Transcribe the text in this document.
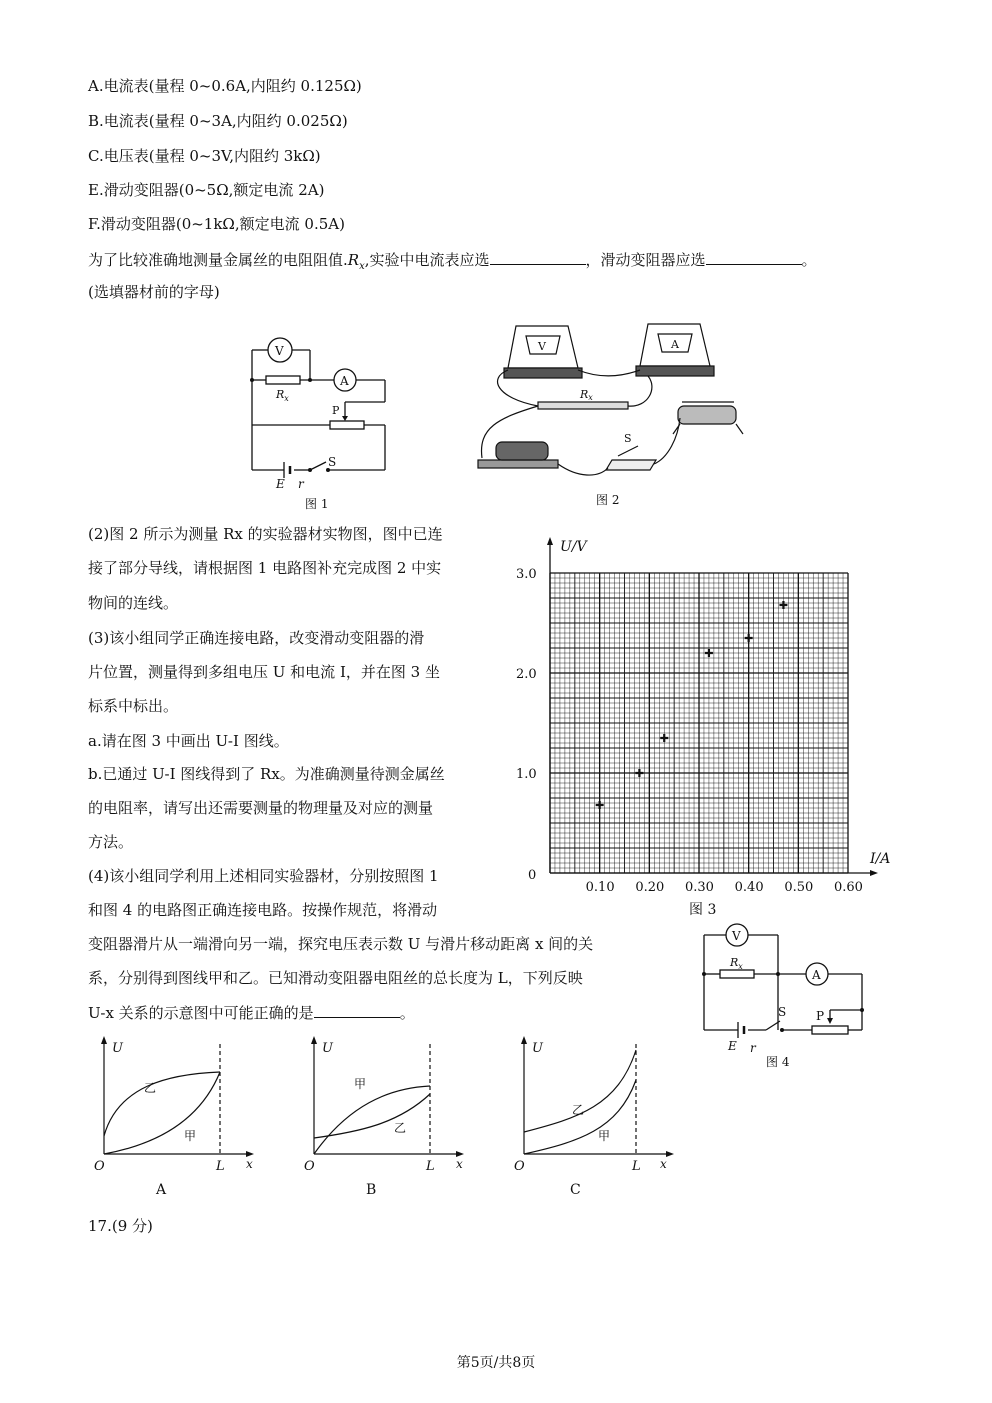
A.电流表(量程 0~0.6A,内阻约 0.125Ω)
B.电流表(量程 0~3A,内阻约 0.025Ω)
C.电压表(量程 0~3V,内阻约 3kΩ)
E.滑动变阻器(0~5Ω,额定电流 2A)
F.滑动变阻器(0~1kΩ,额定电流 0.5A)
为了比较准确地测量金属丝的电阻阻值$.R_x$,实验中电流表应选	，滑动变阻器应选	。
(选填器材前的字母)
V
A
$R_x$
P
E r
S
图 1
V	A
Rx
S
图 2
(2)图 2 所示为测量 Rx 的实验器材实物图，图中已连
接了部分导线，请根据图 1 电路图补充完成图 2 中实
物间的连线。
(3)该小组同学正确连接电路，改变滑动变阻器的滑
片位置，测量得到多组电压 U 和电流 I，并在图 3 坐
标系中标出。
a.请在图 3 中画出 U-I 图线。
b.已通过 U-I 图线得到了 Rx。为准确测量待测金属丝
的电阻率，请写出还需要测量的物理量及对应的测量
方法。
(4)该小组同学利用上述相同实验器材，分别按照图 1
和图 4 的电路图正确连接电路。按操作规范，将滑动
变阻器滑片从一端滑向另一端，探究电压表示数 U 与滑片移动距离 x 间的关
系，分别得到图线甲和乙。已知滑动变阻器电阻丝的总长度为 L，下列反映
U-x 关系的示意图中可能正确的是	。
0.10 0.20 0.30 0.40 0.50 0.60
1.0
2.0
3.0
0
U/V
I/A
图 3
V
A
$R_x$
S P
E r
图 4
U
O	L x
乙
甲
A
U
O	L x
甲
乙
B
U
O	L x
乙
甲
C
17.(9 分)
第5页/共8页
